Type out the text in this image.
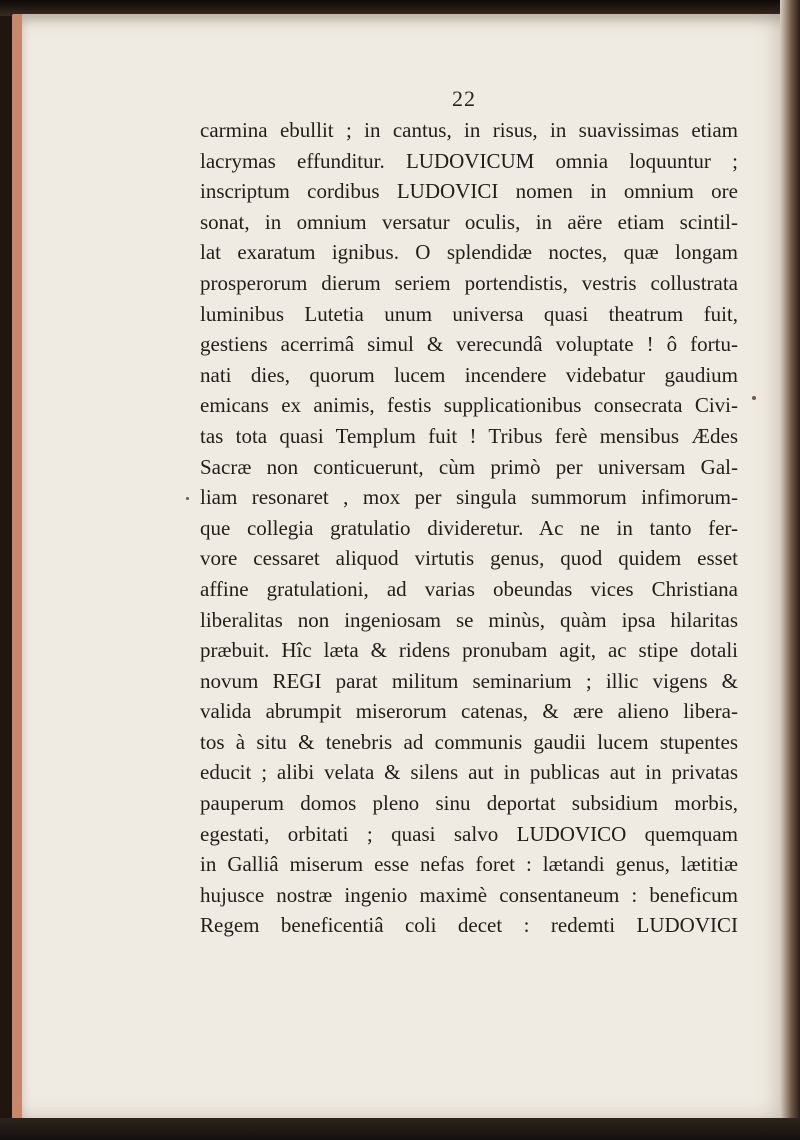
22
carmina ebullit ; in cantus, in risus, in suavissimas etiam
lacrymas effunditur. LUDOVICUM omnia loquuntur ;
inscriptum cordibus LUDOVICI nomen in omnium ore
sonat, in omnium versatur oculis, in aëre etiam scintil-
lat exaratum ignibus. O splendidæ noctes, quæ longam
prosperorum dierum seriem portendistis, vestris collustrata
luminibus Lutetia unum universa quasi theatrum fuit,
gestiens acerrimâ simul & verecundâ voluptate ! ô fortu-
nati dies, quorum lucem incendere videbatur gaudium
emicans ex animis, festis supplicationibus consecrata Civi-
tas tota quasi Templum fuit ! Tribus ferè mensibus Ædes
Sacræ non conticuerunt, cùm primò per universam Gal-
liam resonaret , mox per singula summorum infimorum-
que collegia gratulatio divideretur. Ac ne in tanto fer-
vore cessaret aliquod virtutis genus, quod quidem esset
affine gratulationi, ad varias obeundas vices Christiana
liberalitas non ingeniosam se minùs, quàm ipsa hilaritas
præbuit. Hîc læta & ridens pronubam agit, ac stipe dotali
novum REGI parat militum seminarium ; illic vigens &
valida abrumpit miserorum catenas, & ære alieno libera-
tos à situ & tenebris ad communis gaudii lucem stupentes
educit ; alibi velata & silens aut in publicas aut in privatas
pauperum domos pleno sinu deportat subsidium morbis,
egestati, orbitati ; quasi salvo LUDOVICO quemquam
in Galliâ miserum esse nefas foret : lætandi genus, lætitiæ
hujusce nostræ ingenio maximè consentaneum : beneficum
Regem beneficentiâ coli decet : redemti LUDOVICI
